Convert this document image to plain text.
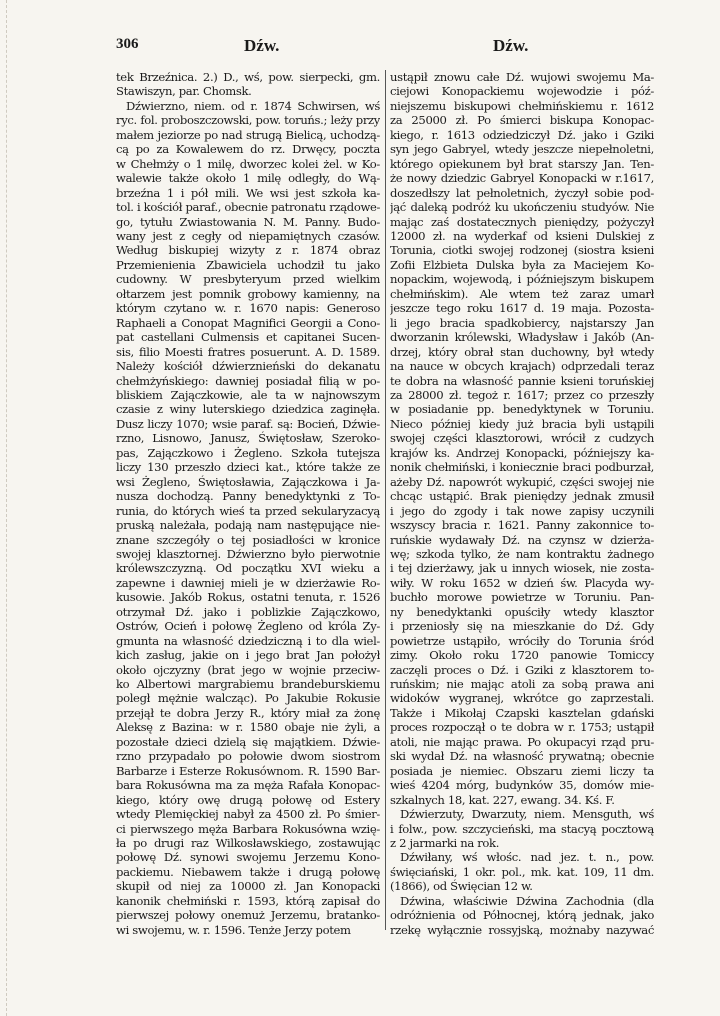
306	Dźw.	Dźw.
tek Brzeźnica. 2.) D., wś, pow. sierpecki, gm.
Stawiszyn, par. Chomsk.
Dźwierzno, niem. od r. 1874 Schwirsen, wś
ryc. fol. proboszczowski, pow. toruńs.; leży przy
małem jeziorze po nad strugą Bielicą, uchodzą-
cą po za Kowalewem do rz. Drwęcy, poczta
w Chełmży o 1 milę, dworzec kolei żel. w Ko-
walewie także około 1 milę odległy, do Wą-
brzeźna 1 i pół mili. We wsi jest szkoła ka-
tol. i kościół paraf., obecnie patronatu rządowe-
go, tytułu Zwiastowania N. M. Panny. Budo-
wany jest z cegły od niepamiętnych czasów.
Według biskupiej wizyty z r. 1874 obraz
Przemienienia Zbawiciela uchodził tu jako
cudowny. W presbyteryum przed wielkim
ołtarzem jest pomnik grobowy kamienny, na
którym czytano w. r. 1670 napis: Generoso
Raphaeli a Conopat Magnifici Georgii a Cono-
pat castellani Culmensis et capitanei Sucen-
sis, filio Moesti fratres posuerunt. A. D. 1589.
Należy kościół dźwierznieński do dekanatu
chełmżyńskiego: dawniej posiadał filią w po-
bliskiem Zajączkowie, ale ta w najnowszym
czasie z winy luterskiego dziedzica zaginęła.
Dusz liczy 1070; wsie paraf. są: Bocień, Dźwie-
rzno, Lisnowo, Janusz, Świętosław, Szeroko-
pas, Zajączkowo i Żegleno. Szkoła tutejsza
liczy 130 przeszło dzieci kat., które także ze
wsi Żegleno, Świętosławia, Zajączkowa i Ja-
nusza dochodzą. Panny benedyktynki z To-
runia, do których wieś ta przed sekularyzacyą
pruską należała, podają nam następujące nie-
znane szczegóły o tej posiadłości w kronice
swojej klasztornej. Dźwierzno było pierwotnie
królewszczyzną. Od początku XVI wieku a
zapewne i dawniej mieli je w dzierżawie Ro-
kusowie. Jakób Rokus, ostatni tenuta, r. 1526
otrzymał Dź. jako i poblizkie Zajączkowo,
Ostrów, Ocień i połowę Żegleno od króla Zy-
gmunta na własność dziedziczną i to dla wiel-
kich zasług, jakie on i jego brat Jan położył
około ojczyzny (brat jego w wojnie przeciw-
ko Albertowi margrabiemu brandeburskiemu
poległ mężnie walcząc). Po Jakubie Rokusie
przejął te dobra Jerzy R., który miał za żonę
Aleksę z Bazina: w r. 1580 obaje nie żyli, a
pozostałe dzieci dzielą się majątkiem. Dźwie-
rzno przypadało po połowie dwom siostrom
Barbarze i Esterze Rokusównom. R. 1590 Bar-
bara Rokusówna ma za męża Rafała Konopac-
kiego, który owę drugą połowę od Estery
wtedy Plemięckiej nabył za 4500 zł. Po śmier-
ci pierwszego męża Barbara Rokusówna wzię-
ła po drugi raz Wilkosławskiego, zostawując
połowę Dź. synowi swojemu Jerzemu Kono-
packiemu. Niebawem także i drugą połowę
skupił od niej za 10000 zł. Jan Konopacki
kanonik chełmiński r. 1593, którą zapisał do
pierwszej połowy onemuż Jerzemu, bratanko-
wi swojemu, w. r. 1596. Tenże Jerzy potem
ustąpił znowu całe Dź. wujowi swojemu Ma-
ciejowi Konopackiemu wojewodzie i póź-
niejszemu biskupowi chełmińskiemu r. 1612
za 25000 zł. Po śmierci biskupa Konopac-
kiego, r. 1613 odziedziczył Dź. jako i Gziki
syn jego Gabryel, wtedy jeszcze niepełnoletni,
którego opiekunem był brat starszy Jan. Ten-
że nowy dziedzic Gabryel Konopacki w r.1617,
doszedłszy lat pełnoletnich, życzył sobie pod-
jąć daleką podróż ku ukończeniu studyów. Nie
mając zaś dostatecznych pieniędzy, pożyczył
12000 zł. na wyderkaf od ksieni Dulskiej z
Torunia, ciotki swojej rodzonej (siostra ksieni
Zofii Elżbieta Dulska była za Maciejem Ko-
nopackim, wojewodą, i późniejszym biskupem
chełmińskim). Ale wtem też zaraz umarł
jeszcze tego roku 1617 d. 19 maja. Pozosta-
li jego bracia spadkobiercy, najstarszy Jan
dworzanin królewski, Władysław i Jakób (An-
drzej, który obrał stan duchowny, był wtedy
na nauce w obcych krajach) odprzedali teraz
te dobra na własność pannie ksieni toruńskiej
za 28000 zł. tegoż r. 1617; przez co przeszły
w posiadanie pp. benedyktynek w Toruniu.
Nieco później kiedy już bracia byli ustąpili
swojej części klasztorowi, wrócił z cudzych
krajów ks. Andrzej Konopacki, późniejszy ka-
nonik chełmiński, i koniecznie braci podburzał,
ażeby Dź. napowrót wykupić, części swojej nie
chcąc ustąpić. Brak pieniędzy jednak zmusił
i jego do zgody i tak nowe zapisy uczynili
wszyscy bracia r. 1621. Panny zakonnice to-
ruńskie wydawały Dź. na czynsz w dzierża-
wę; szkoda tylko, że nam kontraktu żadnego
i tej dzierżawy, jak u innych wiosek, nie zosta-
wiły. W roku 1652 w dzień św. Placyda wy-
buchło morowe powietrze w Toruniu. Pan-
ny benedyktanki opuściły wtedy klasztor
i przeniosły się na mieszkanie do Dź. Gdy
powietrze ustąpiło, wróciły do Torunia śród
zimy. Około roku 1720 panowie Tomiccy
zaczęli proces o Dź. i Gziki z klasztorem to-
ruńskim; nie mając atoli za sobą prawa ani
widoków wygranej, wkrótce go zaprzestali.
Także i Mikołaj Czapski kasztelan gdański
proces rozpoczął o te dobra w r. 1753; ustąpił
atoli, nie mając prawa. Po okupacyi rząd pru-
ski wydał Dź. na własność prywatną; obecnie
posiada je niemiec. Obszaru ziemi liczy ta
wieś 4204 mórg, budynków 35, domów mie-
szkalnych 18, kat. 227, ewang. 34. Kś. F.
Dźwierzuty, Dwarzuty, niem. Mensguth, wś
i folw., pow. szczycieński, ma stacyą pocztową
z 2 jarmarki na rok.
Dźwiłany, wś włośc. nad jez. t. n., pow.
święciański, 1 okr. pol., mk. kat. 109, 11 dm.
(1866), od Święcian 12 w.
Dźwina, właściwie Dźwina Zachodnia (dla
odróżnienia od Północnej, którą jednak, jako
rzekę wyłącznie rossyjską, możnaby nazywać
